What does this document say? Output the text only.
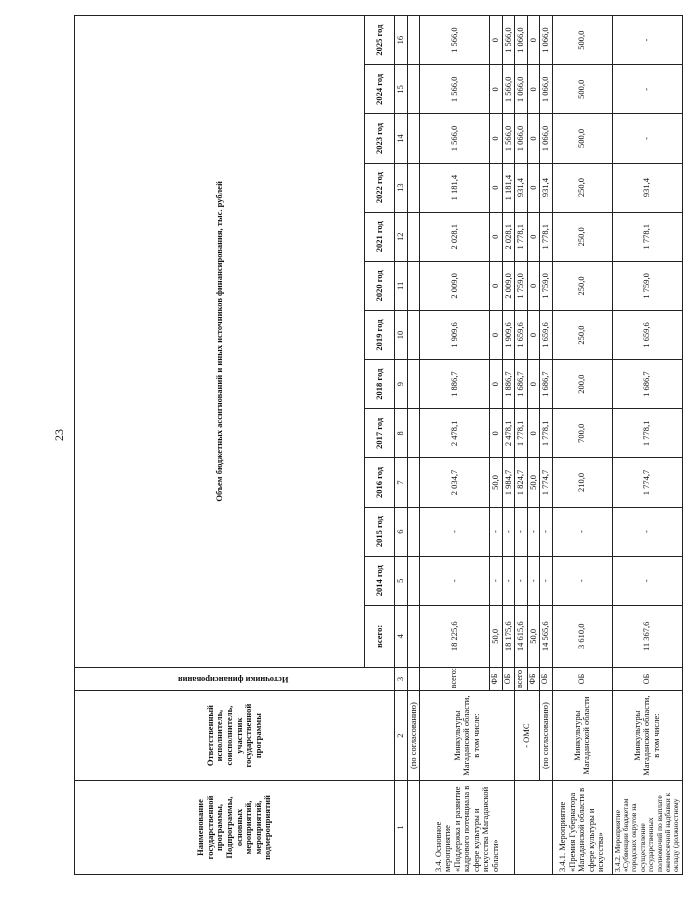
23
Наименование государственной программы, Подпрограммы, основных мероприятий, мероприятий, подмероприятий	Ответственный исполнитель, соисполнитель, участник государственной программы	Источники финансирования	Объем бюджетных ассигнований и иных источников финансирования, тыс. рублей												
			всего:	2014 год	2015 год	2016 год	2017 год	2018 год	2019 год	2020 год	2021 год	2022 год	2023 год	2024 год	2025 год
1	2	3	4	5	6	7	8	9	10	11	12	13	14	15	16
	(по согласованию)														
3.4. Основное мероприятие «Поддержка и развитие кадрового потенциала в сфере культуры и искусства Магаданской области»	Минкультуры Магаданской области, в том числе:	всего:	18 225,6	-	-	2 034,7	2 478,1	1 886,7	1 909,6	2 009,0	2 028,1	1 181,4	1 566,0	1 566,0	1 566,0
		ФБ	50,0	-	-	50,0	0	0	0	0	0	0	0	0	0
		ОБ	18 175,6	-	-	1 984,7	2 478,1	1 886,7	1 909,6	2 009,0	2 028,1	1 181,4	1 566,0	1 566,0	1 566,0
	- ОМС	всего	14 615,6	-	-	1 824,7	1 778,1	1 686,7	1 659,6	1 759,0	1 778,1	931,4	1 066,0	1 066,0	1 066,0
		ФБ	50,0	-	-	50,0	0	0	0	0	0	0	0	0	0
	(по согласованию)	ОБ	14 565,6	-	-	1 774,7	1 778,1	1 686,7	1 659,6	1 759,0	1 778,1	931,4	1 066,0	1 066,0	1 066,0
3.4.1. Мероприятие «Премия Губернатора Магаданской области в сфере культуры и искусства»	Минкультуры Магаданской области	ОБ	3 610,0	-	-	210,0	700,0	200,0	250,0	250,0	250,0	250,0	500,0	500,0	500,0
3.4.2. Мероприятие «Субвенции бюджетам городских округов на осуществление государственных полномочий по выплате ежемесячной надбавки к окладу (должностному	Минкультуры Магаданской области, в том числе:	ОБ	11 367,6	-	-	1 774,7	1 778,1	1 686,7	1 659,6	1 759,0	1 778,1	931,4	-	-	-
